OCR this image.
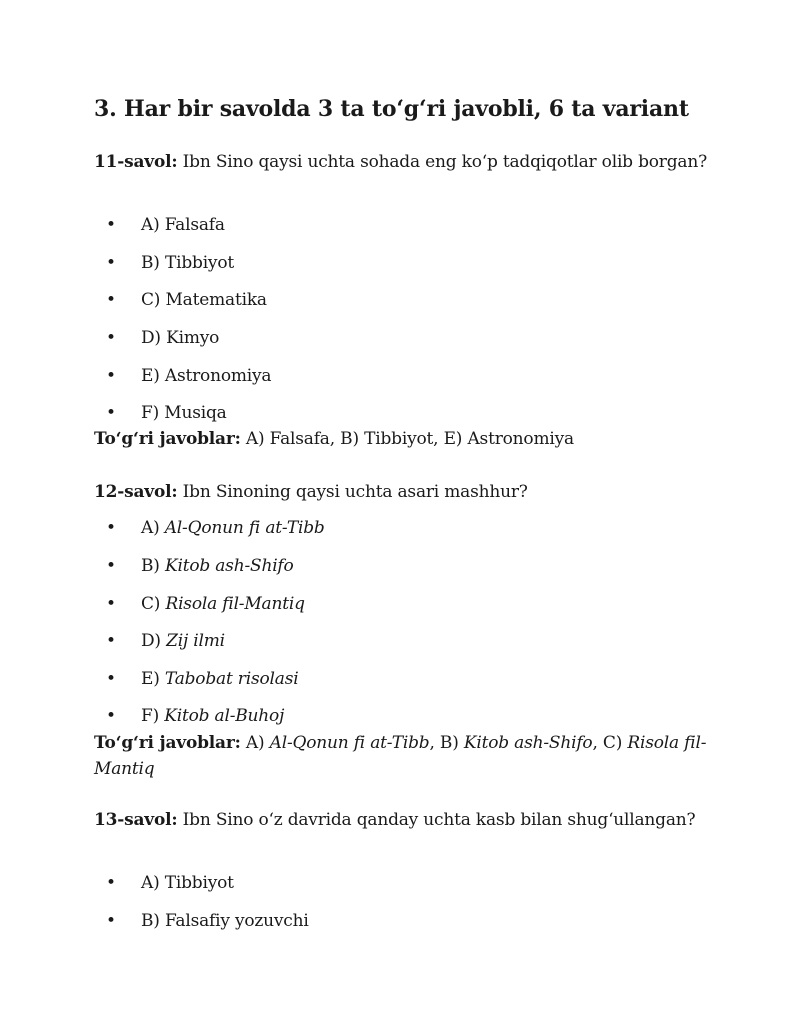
3. Har bir savolda 3 ta to‘g‘ri javobli, 6 ta variant

11-savol: Ibn Sino qaysi uchta sohada eng ko‘p tadqiqotlar olib borgan?

• A) Falsafa
• B) Tibbiyot
• C) Matematika
• D) Kimyo
• E) Astronomiya
• F) Musiqa

To‘g‘ri javoblar: A) Falsafa, B) Tibbiyot, E) Astronomiya

12-savol: Ibn Sinoning qaysi uchta asari mashhur?

• A) Al-Qonun fi at-Tibb
• B) Kitob ash-Shifo
• C) Risola fil-Mantiq
• D) Zij ilmi
• E) Tabobat risolasi
• F) Kitob al-Buhoj

To‘g‘ri javoblar: A) Al-Qonun fi at-Tibb, B) Kitob ash-Shifo, C) Risola fil-Mantiq

13-savol: Ibn Sino o‘z davrida qanday uchta kasb bilan shug‘ullangan?

• A) Tibbiyot
• B) Falsafiy yozuvchi
